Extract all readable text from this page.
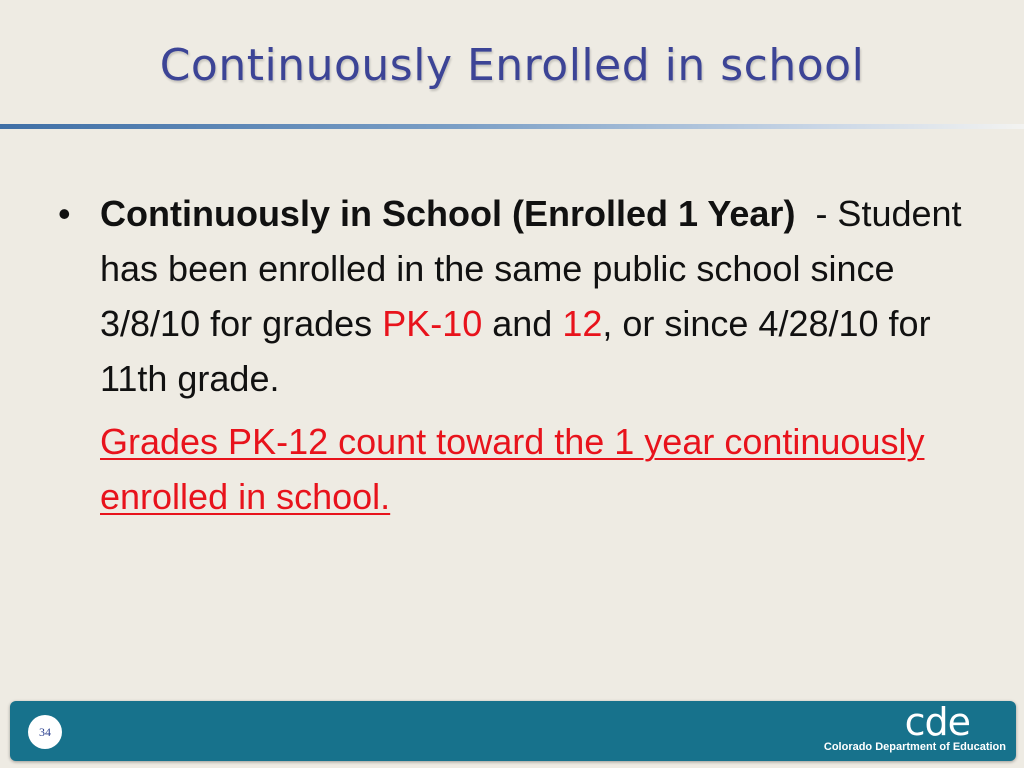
Continuously Enrolled in school
• Continuously in School (Enrolled 1 Year)  - Student has been enrolled in the same public school since 3/8/10 for grades PK-10 and 12, or since 4/28/10 for 11th grade.
Grades PK-12 count toward the 1 year continuously enrolled in school.
34	cde
Colorado Department of Education
